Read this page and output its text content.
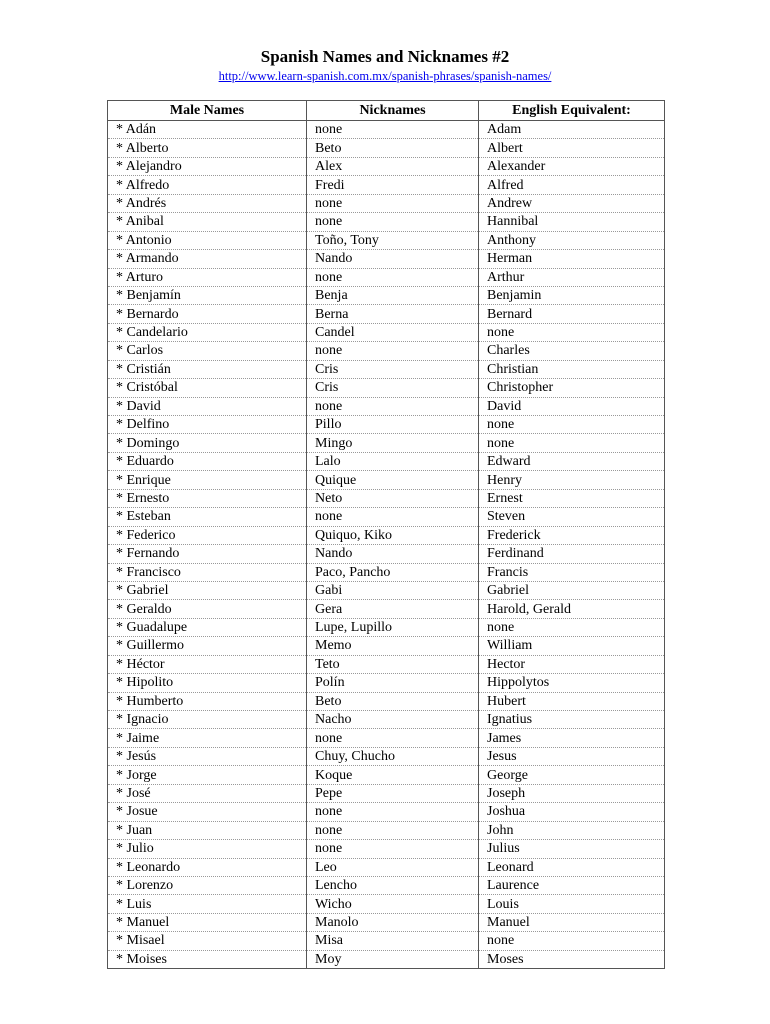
Spanish Names and Nicknames #2
http://www.learn-spanish.com.mx/spanish-phrases/spanish-names/
Male Names	Nicknames	English Equivalent:
* Adán	none	Adam
* Alberto	Beto	Albert
* Alejandro	Alex	Alexander
* Alfredo	Fredi	Alfred
* Andrés	none	Andrew
* Anibal	none	Hannibal
* Antonio	Toño, Tony	Anthony
* Armando	Nando	Herman
* Arturo	none	Arthur
* Benjamín	Benja	Benjamin
* Bernardo	Berna	Bernard
* Candelario	Candel	none
* Carlos	none	Charles
* Cristián	Cris	Christian
* Cristóbal	Cris	Christopher
* David	none	David
* Delfino	Pillo	none
* Domingo	Mingo	none
* Eduardo	Lalo	Edward
* Enrique	Quique	Henry
* Ernesto	Neto	Ernest
* Esteban	none	Steven
* Federico	Quiquo, Kiko	Frederick
* Fernando	Nando	Ferdinand
* Francisco	Paco, Pancho	Francis
* Gabriel	Gabi	Gabriel
* Geraldo	Gera	Harold, Gerald
* Guadalupe	Lupe, Lupillo	none
* Guillermo	Memo	William
* Héctor	Teto	Hector
* Hipolito	Polín	Hippolytos
* Humberto	Beto	Hubert
* Ignacio	Nacho	Ignatius
* Jaime	none	James
* Jesús	Chuy, Chucho	Jesus
* Jorge	Koque	George
* José	Pepe	Joseph
* Josue	none	Joshua
* Juan	none	John
* Julio	none	Julius
* Leonardo	Leo	Leonard
* Lorenzo	Lencho	Laurence
* Luis	Wicho	Louis
* Manuel	Manolo	Manuel
* Misael	Misa	none
* Moises	Moy	Moses
